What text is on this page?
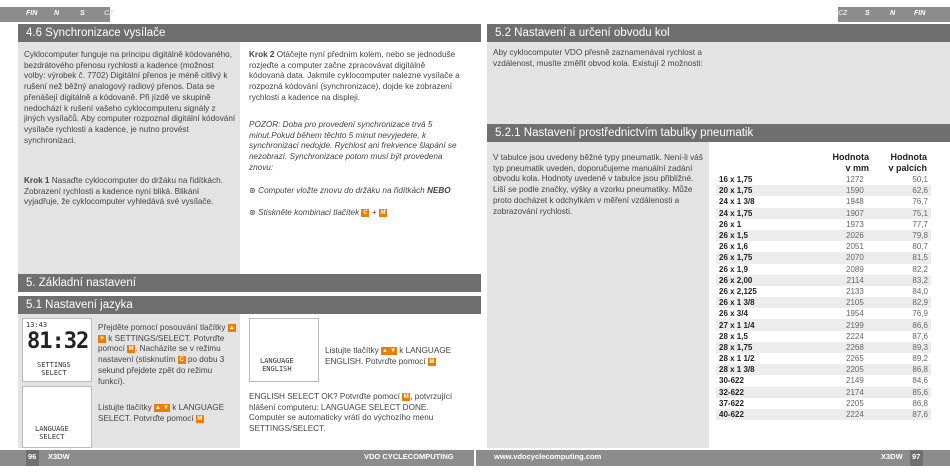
FIN N	S	CZ	CZ	S	N	FIN
4.6 Synchronizace vysílače
Cyklocomputer funguje na principu digitálně kódovaného, bezdrátového přenosu rychlosti a kadence (možnost volby: výrobek č. 7702) Digitální přenos je méně citlivý k rušení než běžný analogový radiový přenos. Data se přenášejí digitálně a kódovaně. Při jízdě ve skupině nedochází k rušení vašeho cyklocomputeru signály z jiných vysílačů. Aby computer rozpoznal digitální kódování vysílače rychlosti a kadence, je nutno provést synchronizaci.
Krok 1 Nasaďte cyklocomputer do držáku na řidítkách. Zobrazení rychlosti a kadence nyní bliká. Blikání vyjadřuje, že cyklocomputer vyhledává své vysílače.
Krok 2 Otáčejte nyní předním kolem, nebo se jednoduše rozjeďte a computer začne zpracovávat digitálně kódovaná data. Jakmile cyklocomputer nalezne vysílače a rozpozná kódování (synchronizace), dojde ke zobrazení rychlosti a kadence na displeji.
POZOR: Doba pro provedení synchronizace trvá 5 minut.Pokud během těchto 5 minut nevyjedete, k synchronizaci nedojde. Rychlost ani frekvence šlapání se nezobrazí. Synchronizace potom musí být provedena znovu:
⊛ Computer vložte znovu do držáku na řidítkách NEBO
⊛ Stiskněte kombinaci tlačítek C + M
5. Základní nastavení
5.1 Nastavení jazyka
13:43
81:32
SETTINGS
SELECT
LANGUAGE
SELECT
Přejděte pomocí posouvání tlačítky ▲▼ k SETTINGS/SELECT. Potvrďte pomocí M . Nacházíte se v režimu nastavení (stisknutím C po dobu 3 sekund přejdete zpět do režimu funkcí).
Listujte tlačítky ▲ ▼ k LANGUAGE SELECT. Potvrďte pomocí M
LANGUAGE
ENGLISH
Listujte tlačítky ▲ ▼ k LANGUAGE ENGLISH. Potvrďte pomocí M
ENGLISH SELECT OK? Potvrďte pomocí M , potvrzující hlášení computeru: LANGUAGE SELECT DONE. Computer se automaticky vrátí do výchozího menu SETTINGS/SELECT.
5.2 Nastavení a určení obvodu kol
Aby cyklocomputer VDO přesně zaznamenával rychlost a vzdálenost, musíte změřit obvod kola. Existují 2 možnosti:
5.2.1 Nastavení prostřednictvím tabulky pneumatik
V tabulce jsou uvedeny běžné typy pneumatik. Není-li váš typ pneumatik uveden, doporučujeme manuální zadání obvodu kola. Hodnoty uvedené v tabulce jsou přibližné. Liší se podle značky, výšky a vzorku pneumatiky. Může proto docházet k odchylkám v měření vzdálenosti a zobrazování rychlosti.
Hodnota
v mm
Hodnota
v palcích
16 x 1,75	1272	50,1
20 x 1,75	1590	62,6
24 x 1 3/8	1948	76,7
24 x 1,75	1907	75,1
26 x 1	1973	77,7
26 x 1,5	2026	79,8
26 x 1,6	2051	80,7
26 x 1,75	2070	81,5
26 x 1,9	2089	82,2
26 x 2,00	2114	83,2
26 x 2,125	2133	84,0
26 x 1 3/8	2105	82,9
26 x 3/4	1954	76,9
27 x 1 1/4	2199	86,6
28 x 1,5	2224	87,6
28 x 1,75	2268	89,3
28 x 1 1/2	2265	89,2
28 x 1 3/8	2205	86,8
30-622	2149	84,6
32-622	2174	85,6
37-622	2205	86,8
40-622	2224	87,6
96 X3DW	VDO CYCLECOMPUTING	www.vdocyclecomputing.com	X3DW 97
